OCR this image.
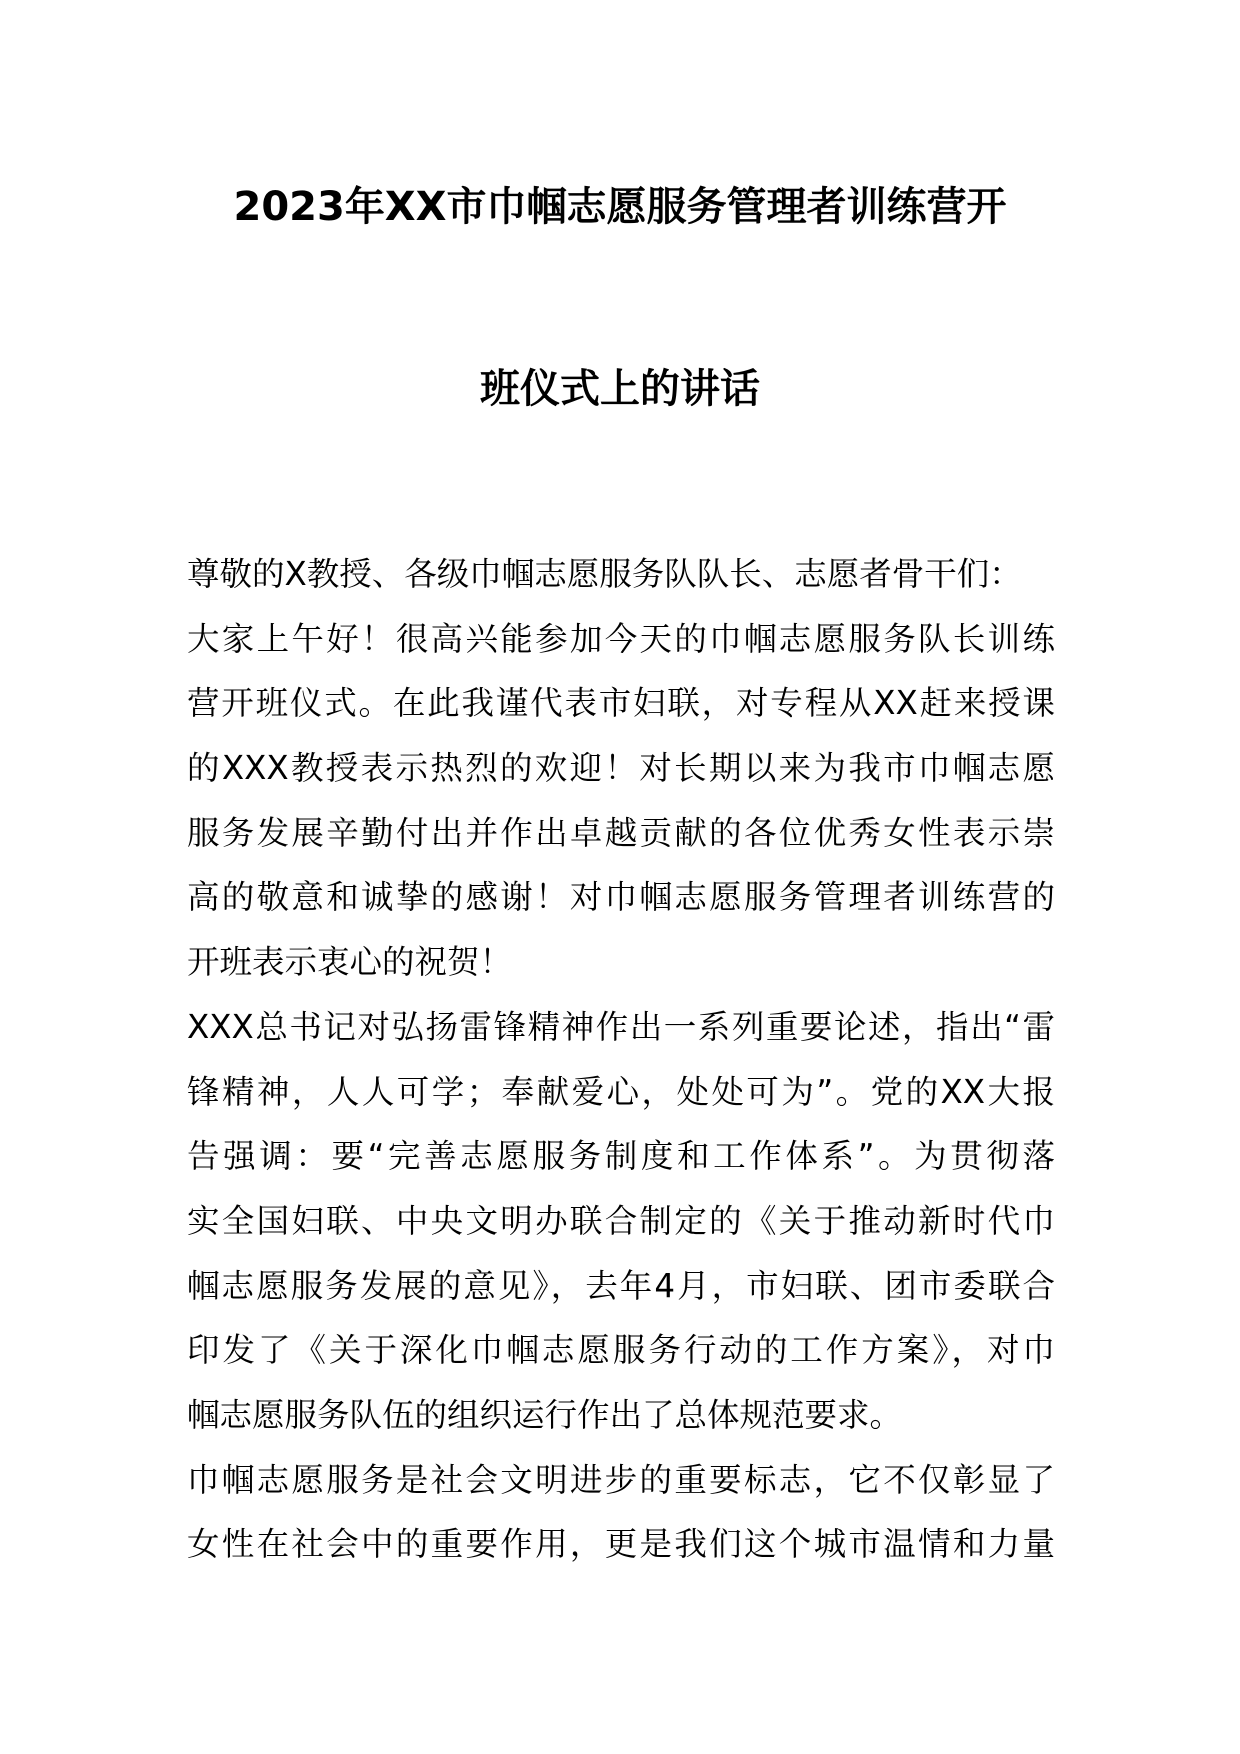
2023年XX市巾帼志愿服务管理者训练营开
班仪式上的讲话
尊敬的X教授、各级巾帼志愿服务队队长、志愿者骨干们：
大家上午好！很高兴能参加今天的巾帼志愿服务队长训练
营开班仪式。在此我谨代表市妇联，对专程从XX赶来授课
的XXX教授表示热烈的欢迎！对长期以来为我市巾帼志愿
服务发展辛勤付出并作出卓越贡献的各位优秀女性表示崇
高的敬意和诚挚的感谢！对巾帼志愿服务管理者训练营的
开班表示衷心的祝贺！
XXX总书记对弘扬雷锋精神作出一系列重要论述，指出“雷
锋精神，人人可学；奉献爱心，处处可为”。党的XX大报
告强调：要“完善志愿服务制度和工作体系”。为贯彻落
实全国妇联、中央文明办联合制定的《关于推动新时代巾
帼志愿服务发展的意见》，去年4月，市妇联、团市委联合
印发了《关于深化巾帼志愿服务行动的工作方案》，对巾
帼志愿服务队伍的组织运行作出了总体规范要求。
巾帼志愿服务是社会文明进步的重要标志，它不仅彰显了
女性在社会中的重要作用，更是我们这个城市温情和力量
